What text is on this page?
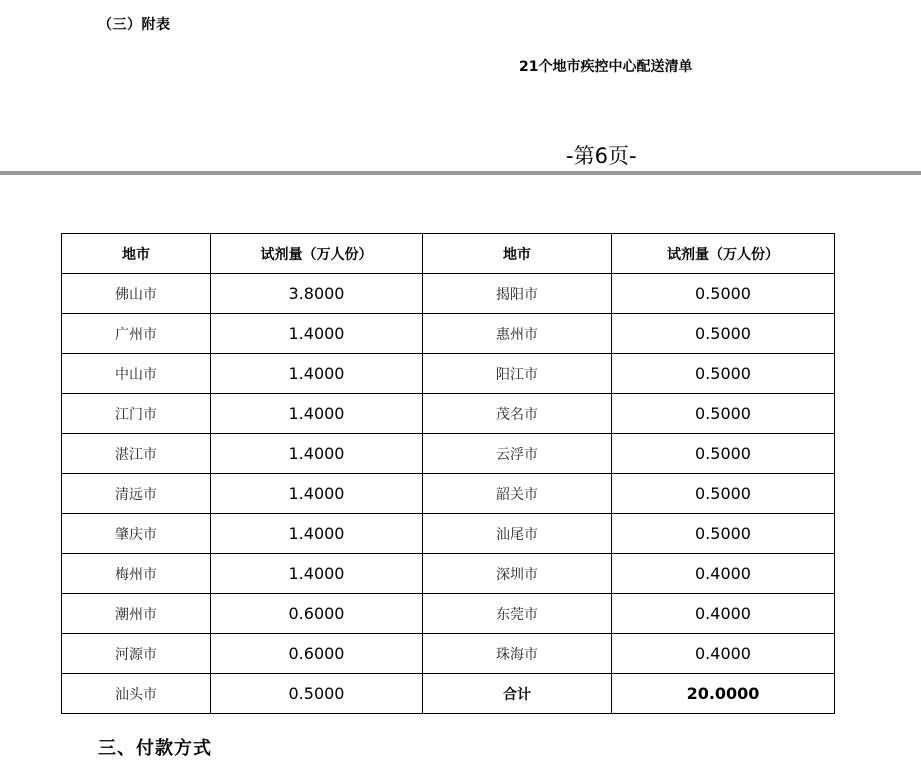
（三）附表
21个地市疾控中心配送清单
-第6页-
地市	试剂量（万人份）	地市	试剂量（万人份）
佛山市	3.8000	揭阳市	0.5000
广州市	1.4000	惠州市	0.5000
中山市	1.4000	阳江市	0.5000
江门市	1.4000	茂名市	0.5000
湛江市	1.4000	云浮市	0.5000
清远市	1.4000	韶关市	0.5000
肇庆市	1.4000	汕尾市	0.5000
梅州市	1.4000	深圳市	0.4000
潮州市	0.6000	东莞市	0.4000
河源市	0.6000	珠海市	0.4000
汕头市	0.5000	合计	20.0000
三、付款方式
